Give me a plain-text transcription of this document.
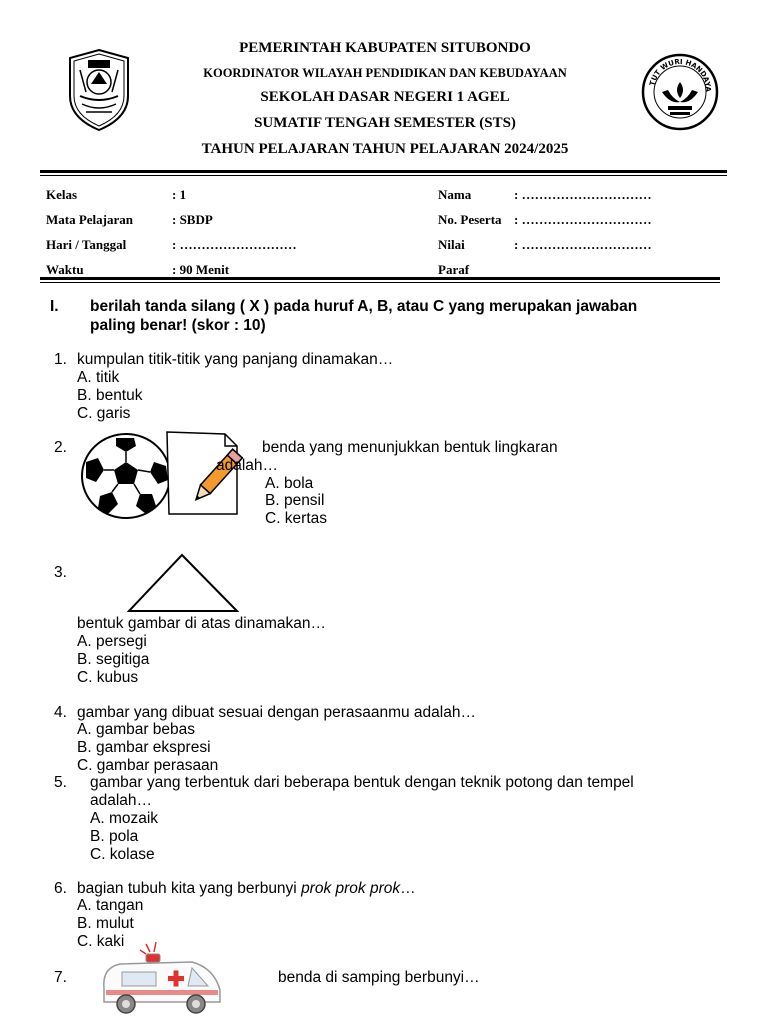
TUT WURI HANDAYA
PEMERINTAH KABUPATEN SITUBONDO
KOORDINATOR WILAYAH PENDIDIKAN DAN KEBUDAYAAN
SEKOLAH DASAR NEGERI 1 AGEL
SUMATIF TENGAH SEMESTER (STS)
TAHUN PELAJARAN TAHUN PELAJARAN 2024/2025
Kelas	: 1
Mata Pelajaran	: SBDP
Hari / Tanggal	: ………………………
Waktu	: 90 Menit
Nama	: …………………………
No. Peserta : …………………………
Nilai	: …………………………
Paraf
I. berilah tanda silang ( X ) pada huruf A, B, atau C yang merupakan jawaban
paling benar! (skor : 10)
1. kumpulan titik-titik yang panjang dinamakan…
A. titik
B. bentuk
C. garis
2.	benda yang menunjukkan bentuk lingkaran
adalah…
A. bola
B. pensil
C. kertas
3.
bentuk gambar di atas dinamakan…
A. persegi
B. segitiga
C. kubus
4. gambar yang dibuat sesuai dengan perasaanmu adalah…
A. gambar bebas
B. gambar ekspresi
C. gambar perasaan
5. gambar yang terbentuk dari beberapa bentuk dengan teknik potong dan tempel
adalah…
A. mozaik
B. pola
C. kolase
6. bagian tubuh kita yang berbunyi prok prok prok…
A. tangan
B. mulut
C. kaki
7.	benda di samping berbunyi…
